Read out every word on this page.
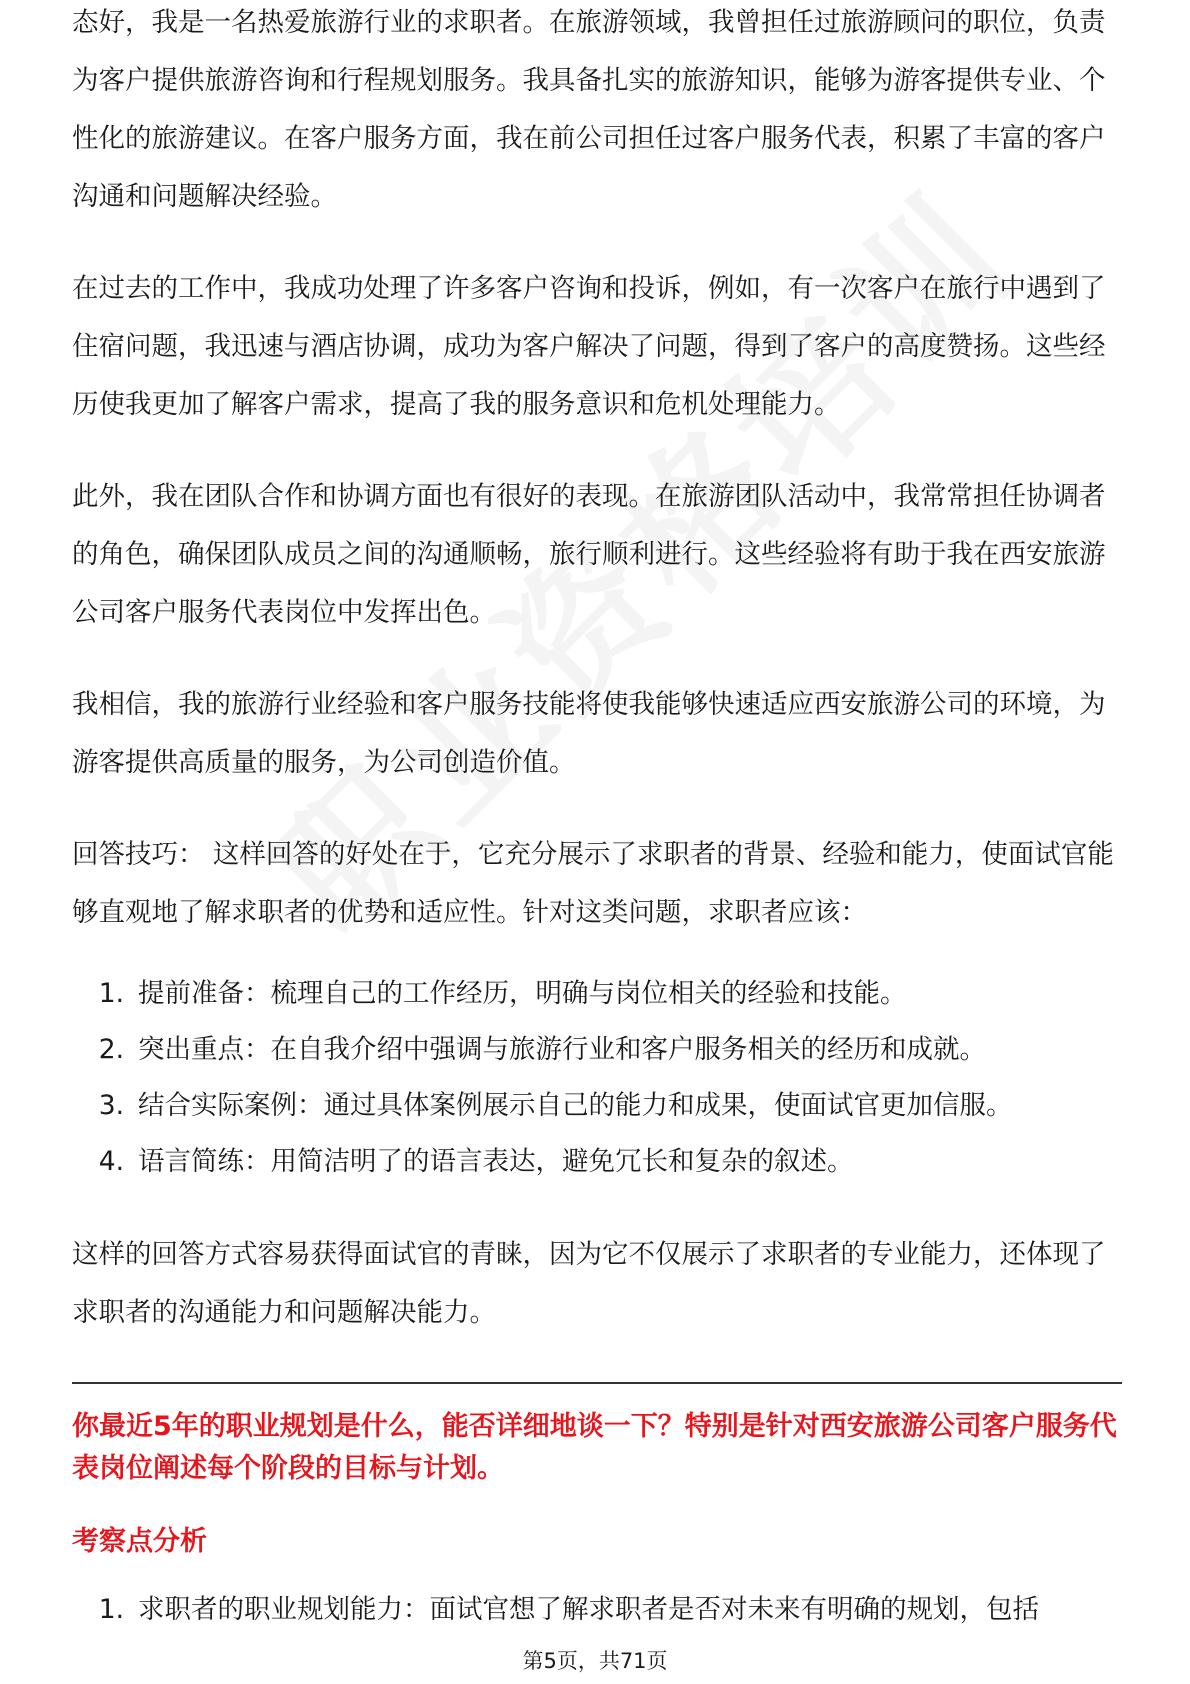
态好，我是一名热爱旅游行业的求职者。在旅游领域，我曾担任过旅游顾问的职位，负责为客户提供旅游咨询和行程规划服务。我具备扎实的旅游知识，能够为游客提供专业、个性化的旅游建议。在客户服务方面，我在前公司担任过客户服务代表，积累了丰富的客户沟通和问题解决经验。

在过去的工作中，我成功处理了许多客户咨询和投诉，例如，有一次客户在旅行中遇到了住宿问题，我迅速与酒店协调，成功为客户解决了问题，得到了客户的高度赞扬。这些经历使我更加了解客户需求，提高了我的服务意识和危机处理能力。

此外，我在团队合作和协调方面也有很好的表现。在旅游团队活动中，我常常担任协调者的角色，确保团队成员之间的沟通顺畅，旅行顺利进行。这些经验将有助于我在西安旅游公司客户服务代表岗位中发挥出色。

我相信，我的旅游行业经验和客户服务技能将使我能够快速适应西安旅游公司的环境，为游客提供高质量的服务，为公司创造价值。

回答技巧： 这样回答的好处在于，它充分展示了求职者的背景、经验和能力，使面试官能够直观地了解求职者的优势和适应性。针对这类问题，求职者应该：

1. 提前准备：梳理自己的工作经历，明确与岗位相关的经验和技能。
2. 突出重点：在自我介绍中强调与旅游行业和客户服务相关的经历和成就。
3. 结合实际案例：通过具体案例展示自己的能力和成果，使面试官更加信服。
4. 语言简练：用简洁明了的语言表达，避免冗长和复杂的叙述。

这样的回答方式容易获得面试官的青睐，因为它不仅展示了求职者的专业能力，还体现了求职者的沟通能力和问题解决能力。

你最近5年的职业规划是什么，能否详细地谈一下？特别是针对西安旅游公司客户服务代表岗位阐述每个阶段的目标与计划。
考察点分析
1. 求职者的职业规划能力：面试官想了解求职者是否对未来有明确的规划，包括
第5页，共71页
